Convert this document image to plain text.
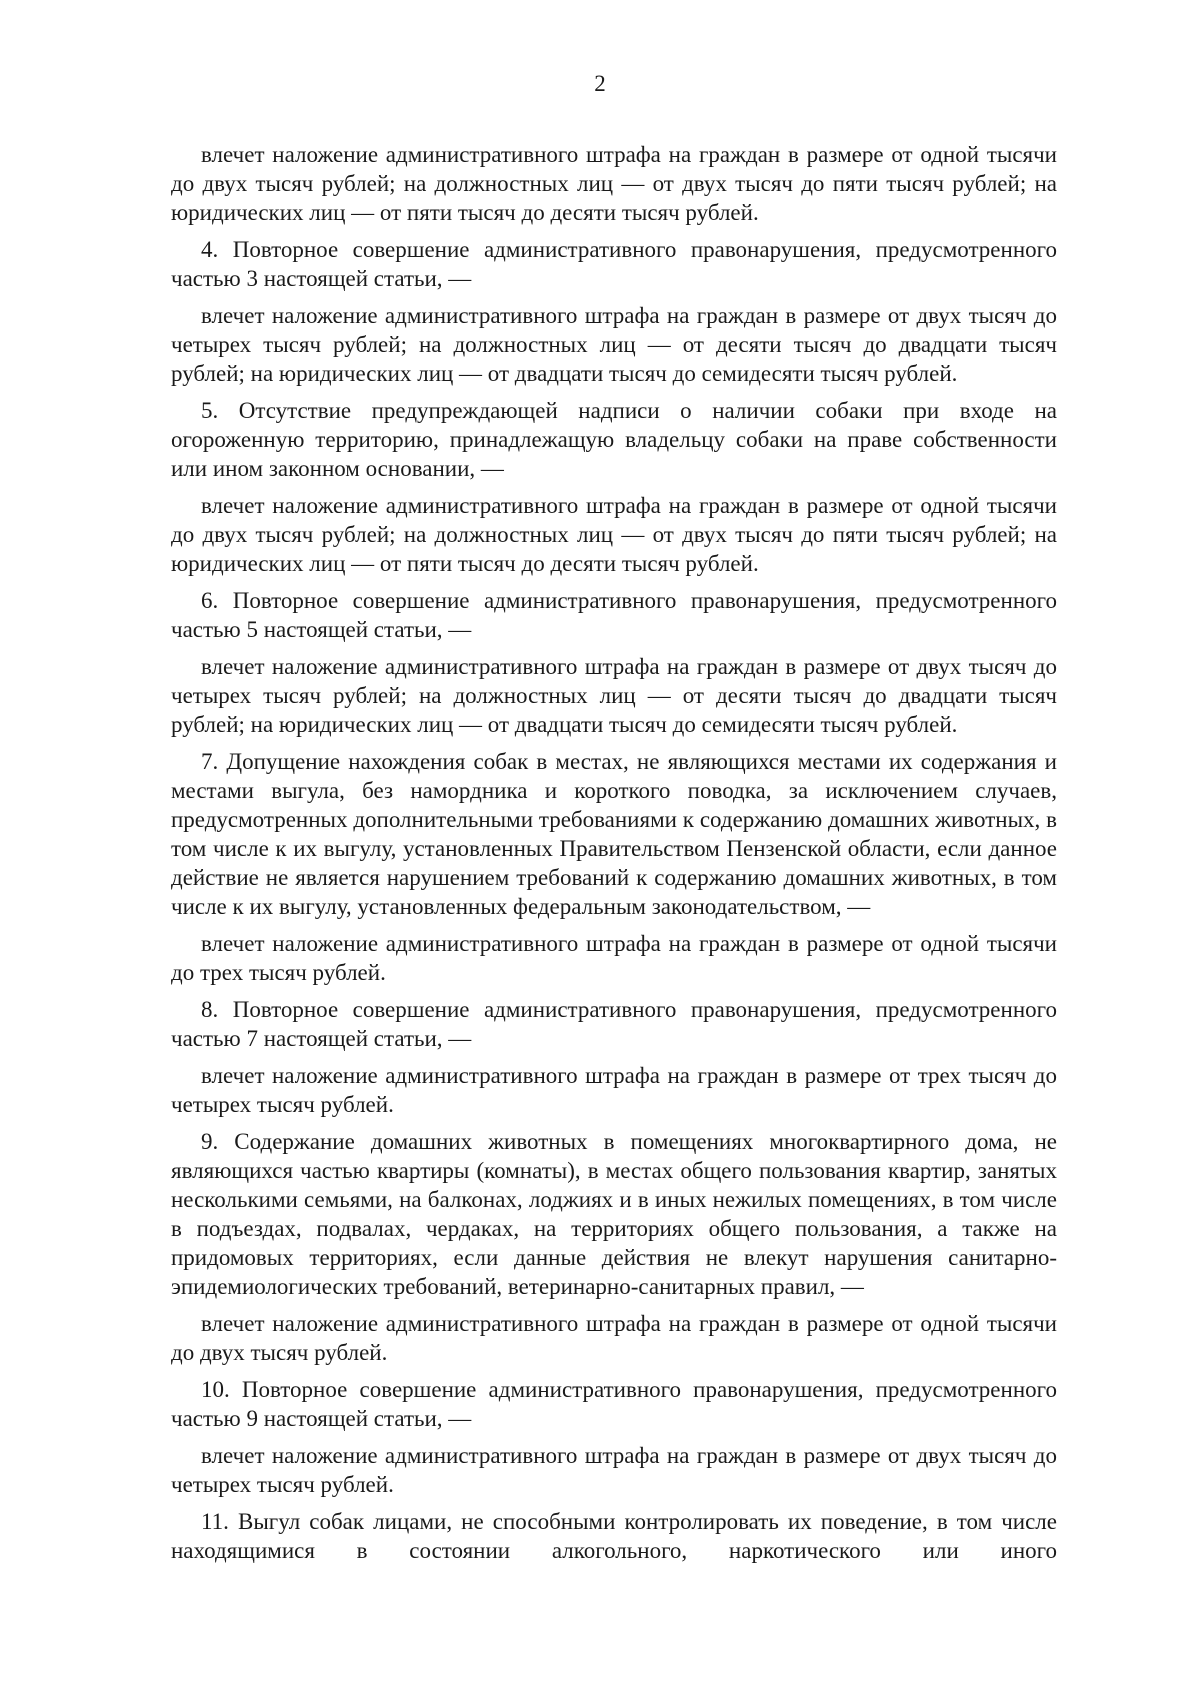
2

влечет наложение административного штрафа на граждан в размере от одной тысячи до двух тысяч рублей; на должностных лиц — от двух тысяч до пяти тысяч рублей; на юридических лиц — от пяти тысяч до десяти тысяч рублей.

4. Повторное совершение административного правонарушения, предусмотренного частью 3 настоящей статьи, —

влечет наложение административного штрафа на граждан в размере от двух тысяч до четырех тысяч рублей; на должностных лиц — от десяти тысяч до двадцати тысяч рублей; на юридических лиц — от двадцати тысяч до семидесяти тысяч рублей.

5. Отсутствие предупреждающей надписи о наличии собаки при входе на огороженную территорию, принадлежащую владельцу собаки на праве собственности или ином законном основании, —

влечет наложение административного штрафа на граждан в размере от одной тысячи до двух тысяч рублей; на должностных лиц — от двух тысяч до пяти тысяч рублей; на юридических лиц — от пяти тысяч до десяти тысяч рублей.

6. Повторное совершение административного правонарушения, предусмотренного частью 5 настоящей статьи, —

влечет наложение административного штрафа на граждан в размере от двух тысяч до четырех тысяч рублей; на должностных лиц — от десяти тысяч до двадцати тысяч рублей; на юридических лиц — от двадцати тысяч до семидесяти тысяч рублей.

7. Допущение нахождения собак в местах, не являющихся местами их содержания и местами выгула, без намордника и короткого поводка, за исключением случаев, предусмотренных дополнительными требованиями к содержанию домашних животных, в том числе к их выгулу, установленных Правительством Пензенской области, если данное действие не является нарушением требований к содержанию домашних животных, в том числе к их выгулу, установленных федеральным законодательством, —

влечет наложение административного штрафа на граждан в размере от одной тысячи до трех тысяч рублей.

8. Повторное совершение административного правонарушения, предусмотренного частью 7 настоящей статьи, —

влечет наложение административного штрафа на граждан в размере от трех тысяч до четырех тысяч рублей.

9. Содержание домашних животных в помещениях многоквартирного дома, не являющихся частью квартиры (комнаты), в местах общего пользования квартир, занятых несколькими семьями, на балконах, лоджиях и в иных нежилых помещениях, в том числе в подъездах, подвалах, чердаках, на территориях общего пользования, а также на придомовых территориях, если данные действия не влекут нарушения санитарно-эпидемиологических требований, ветеринарно-санитарных правил, —

влечет наложение административного штрафа на граждан в размере от одной тысячи до двух тысяч рублей.

10. Повторное совершение административного правонарушения, предусмотренного частью 9 настоящей статьи, —

влечет наложение административного штрафа на граждан в размере от двух тысяч до четырех тысяч рублей.

11. Выгул собак лицами, не способными контролировать их поведение, в том числе находящимися в состоянии алкогольного, наркотического или иного
